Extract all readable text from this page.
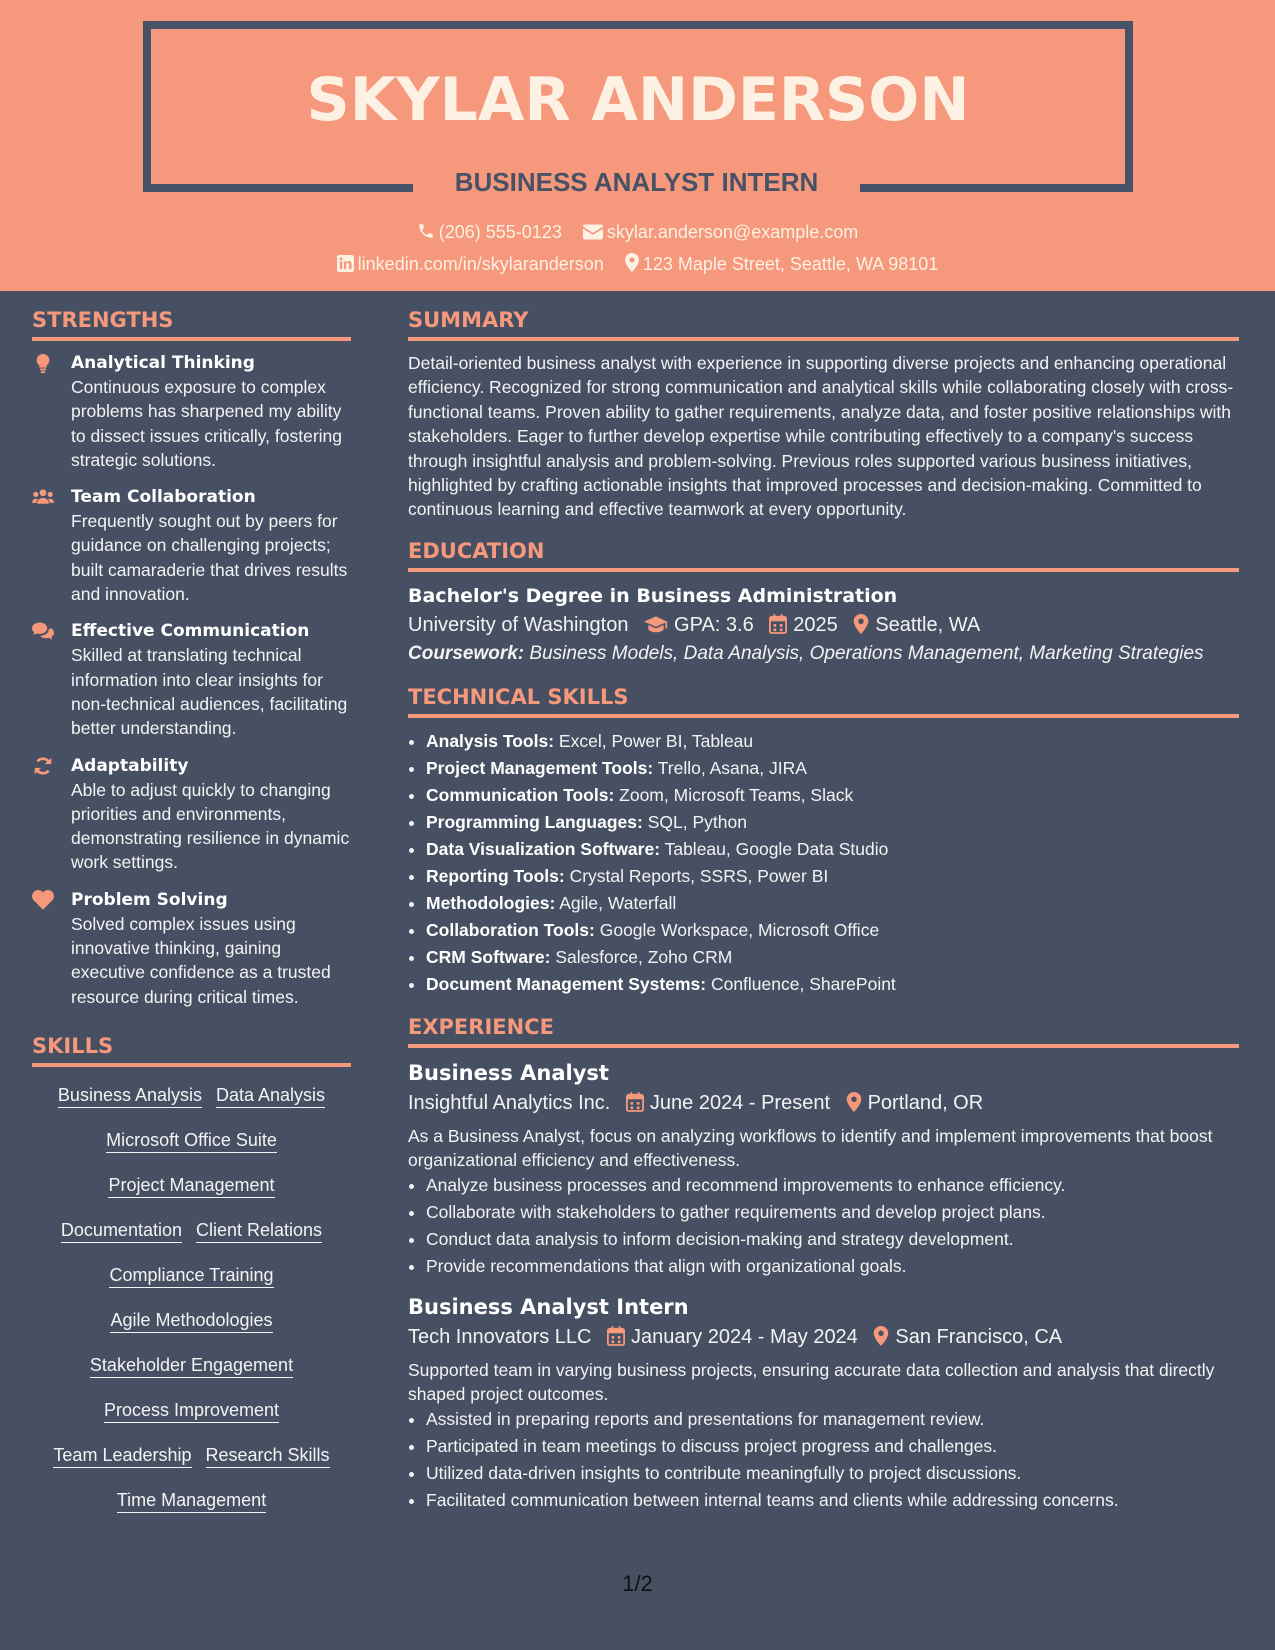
SKYLAR ANDERSON
BUSINESS ANALYST INTERN
(206) 555-0123	skylar.anderson@example.com
linkedin.com/in/skylaranderson 123 Maple Street, Seattle, WA 98101
STRENGTHS
Analytical Thinking
Continuous exposure to complex problems has sharpened my ability to dissect issues critically, fostering strategic solutions.
Team Collaboration
Frequently sought out by peers for guidance on challenging projects; built camaraderie that drives results and innovation.
Effective Communication
Skilled at translating technical information into clear insights for non-technical audiences, facilitating better understanding.
Adaptability
Able to adjust quickly to changing priorities and environments, demonstrating resilience in dynamic work settings.
Problem Solving
Solved complex issues using innovative thinking, gaining executive confidence as a trusted resource during critical times.
SKILLS
Business Analysis Data Analysis
Microsoft Office Suite
Project Management
Documentation Client Relations
Compliance Training
Agile Methodologies
Stakeholder Engagement
Process Improvement
Team Leadership Research Skills
Time Management
SUMMARY
Detail-oriented business analyst with experience in supporting diverse projects and enhancing operational efficiency. Recognized for strong communication and analytical skills while collaborating closely with cross-functional teams. Proven ability to gather requirements, analyze data, and foster positive relationships with stakeholders. Eager to further develop expertise while contributing effectively to a company's success through insightful analysis and problem-solving. Previous roles supported various business initiatives, highlighted by crafting actionable insights that improved processes and decision-making. Committed to continuous learning and effective teamwork at every opportunity.
EDUCATION
Bachelor's Degree in Business Administration
University of Washington GPA: 3.6 2025 Seattle, WA
Coursework: Business Models, Data Analysis, Operations Management, Marketing Strategies
TECHNICAL SKILLS
• Analysis Tools: Excel, Power BI, Tableau
• Project Management Tools: Trello, Asana, JIRA
• Communication Tools: Zoom, Microsoft Teams, Slack
• Programming Languages: SQL, Python
• Data Visualization Software: Tableau, Google Data Studio
• Reporting Tools: Crystal Reports, SSRS, Power BI
• Methodologies: Agile, Waterfall
• Collaboration Tools: Google Workspace, Microsoft Office
• CRM Software: Salesforce, Zoho CRM
• Document Management Systems: Confluence, SharePoint
EXPERIENCE
Business Analyst
Insightful Analytics Inc. June 2024 - Present Portland, OR
As a Business Analyst, focus on analyzing workflows to identify and implement improvements that boost organizational efficiency and effectiveness.
• Analyze business processes and recommend improvements to enhance efficiency.
• Collaborate with stakeholders to gather requirements and develop project plans.
• Conduct data analysis to inform decision-making and strategy development.
• Provide recommendations that align with organizational goals.
Business Analyst Intern
Tech Innovators LLC January 2024 - May 2024 San Francisco, CA
Supported team in varying business projects, ensuring accurate data collection and analysis that directly shaped project outcomes.
• Assisted in preparing reports and presentations for management review.
• Participated in team meetings to discuss project progress and challenges.
• Utilized data-driven insights to contribute meaningfully to project discussions.
• Facilitated communication between internal teams and clients while addressing concerns.
1/2
